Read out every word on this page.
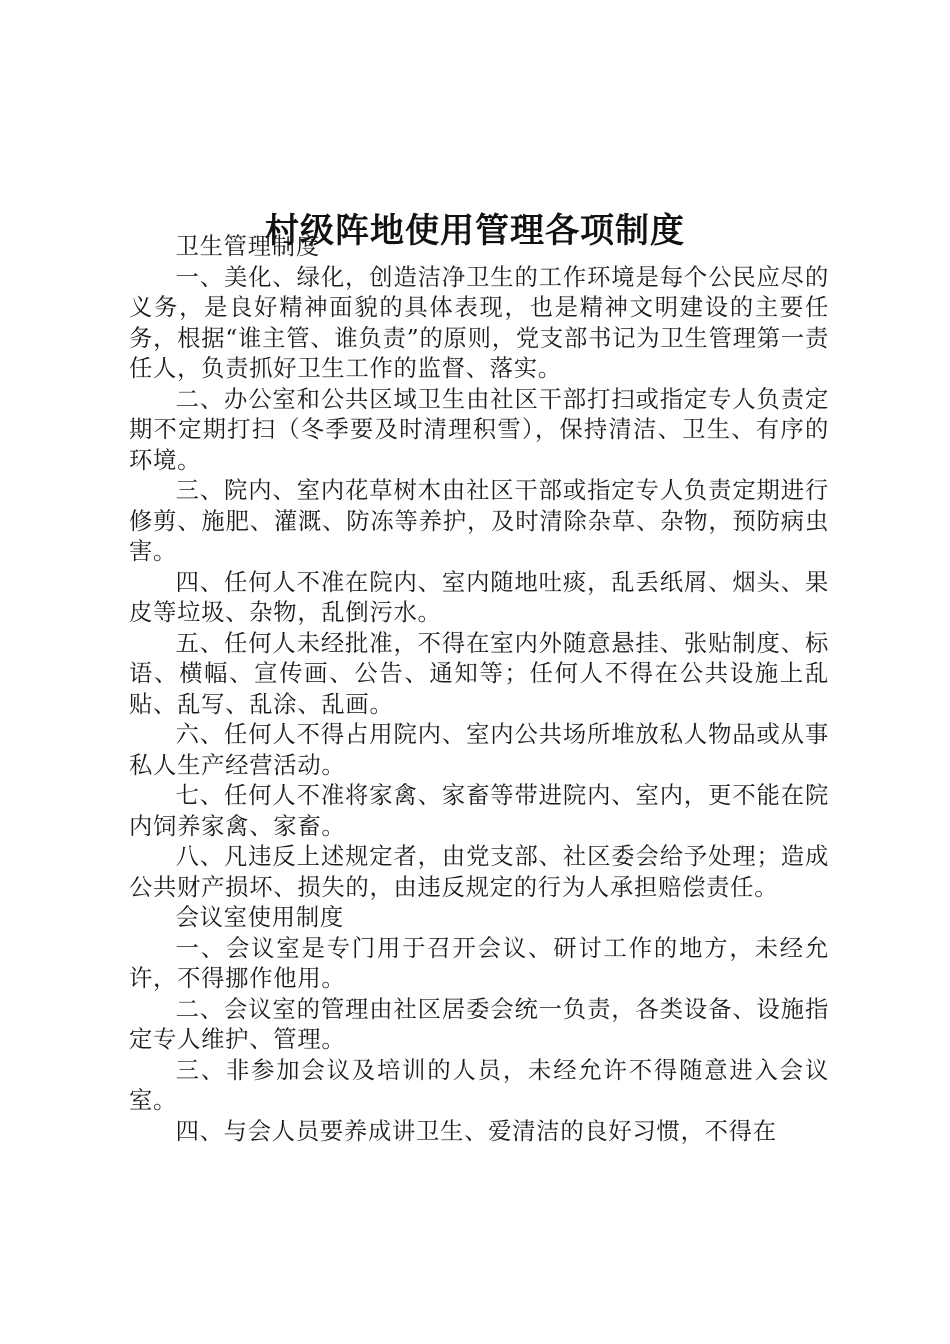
村级阵地使用管理各项制度

卫生管理制度

一、美化、绿化，创造洁净卫生的工作环境是每个公民应尽的义务，是良好精神面貌的具体表现，也是精神文明建设的主要任务，根据“谁主管、谁负责”的原则，党支部书记为卫生管理第一责任人，负责抓好卫生工作的监督、落实。

二、办公室和公共区域卫生由社区干部打扫或指定专人负责定期不定期打扫（冬季要及时清理积雪），保持清洁、卫生、有序的环境。

三、院内、室内花草树木由社区干部或指定专人负责定期进行修剪、施肥、灌溉、防冻等养护，及时清除杂草、杂物，预防病虫害。

四、任何人不准在院内、室内随地吐痰，乱丢纸屑、烟头、果皮等垃圾、杂物，乱倒污水。

五、任何人未经批准，不得在室内外随意悬挂、张贴制度、标语、横幅、宣传画、公告、通知等；任何人不得在公共设施上乱贴、乱写、乱涂、乱画。

六、任何人不得占用院内、室内公共场所堆放私人物品或从事私人生产经营活动。

七、任何人不准将家禽、家畜等带进院内、室内，更不能在院内饲养家禽、家畜。

八、凡违反上述规定者，由党支部、社区委会给予处理；造成公共财产损坏、损失的，由违反规定的行为人承担赔偿责任。

会议室使用制度

一、会议室是专门用于召开会议、研讨工作的地方，未经允许，不得挪作他用。

二、会议室的管理由社区居委会统一负责，各类设备、设施指定专人维护、管理。

三、非参加会议及培训的人员，未经允许不得随意进入会议室。

四、与会人员要养成讲卫生、爱清洁的良好习惯，不得在
